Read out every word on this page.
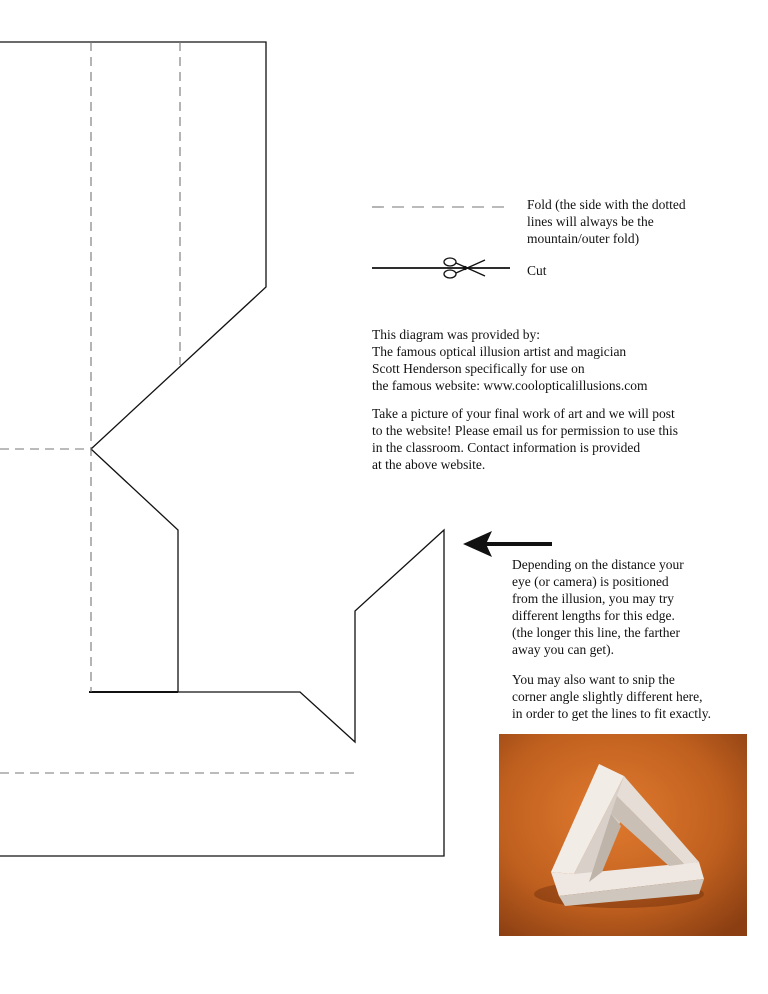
Fold (the side with the dotted
lines will always be the
mountain/outer fold)
Cut
This diagram was provided by:
The famous optical illusion artist and magician
Scott Henderson specifically for use on
the famous website: www.coolopticalillusions.com
Take a picture of your final work of art and we will post
to the website! Please email us for permission to use this
in the classroom. Contact information is provided
at the above website.
Depending on the distance your
eye (or camera) is positioned
from the illusion, you may try
different lengths for this edge.
(the longer this line, the farther
away you can get).
You may also want to snip the
corner angle slightly different here,
in order to get the lines to fit exactly.
